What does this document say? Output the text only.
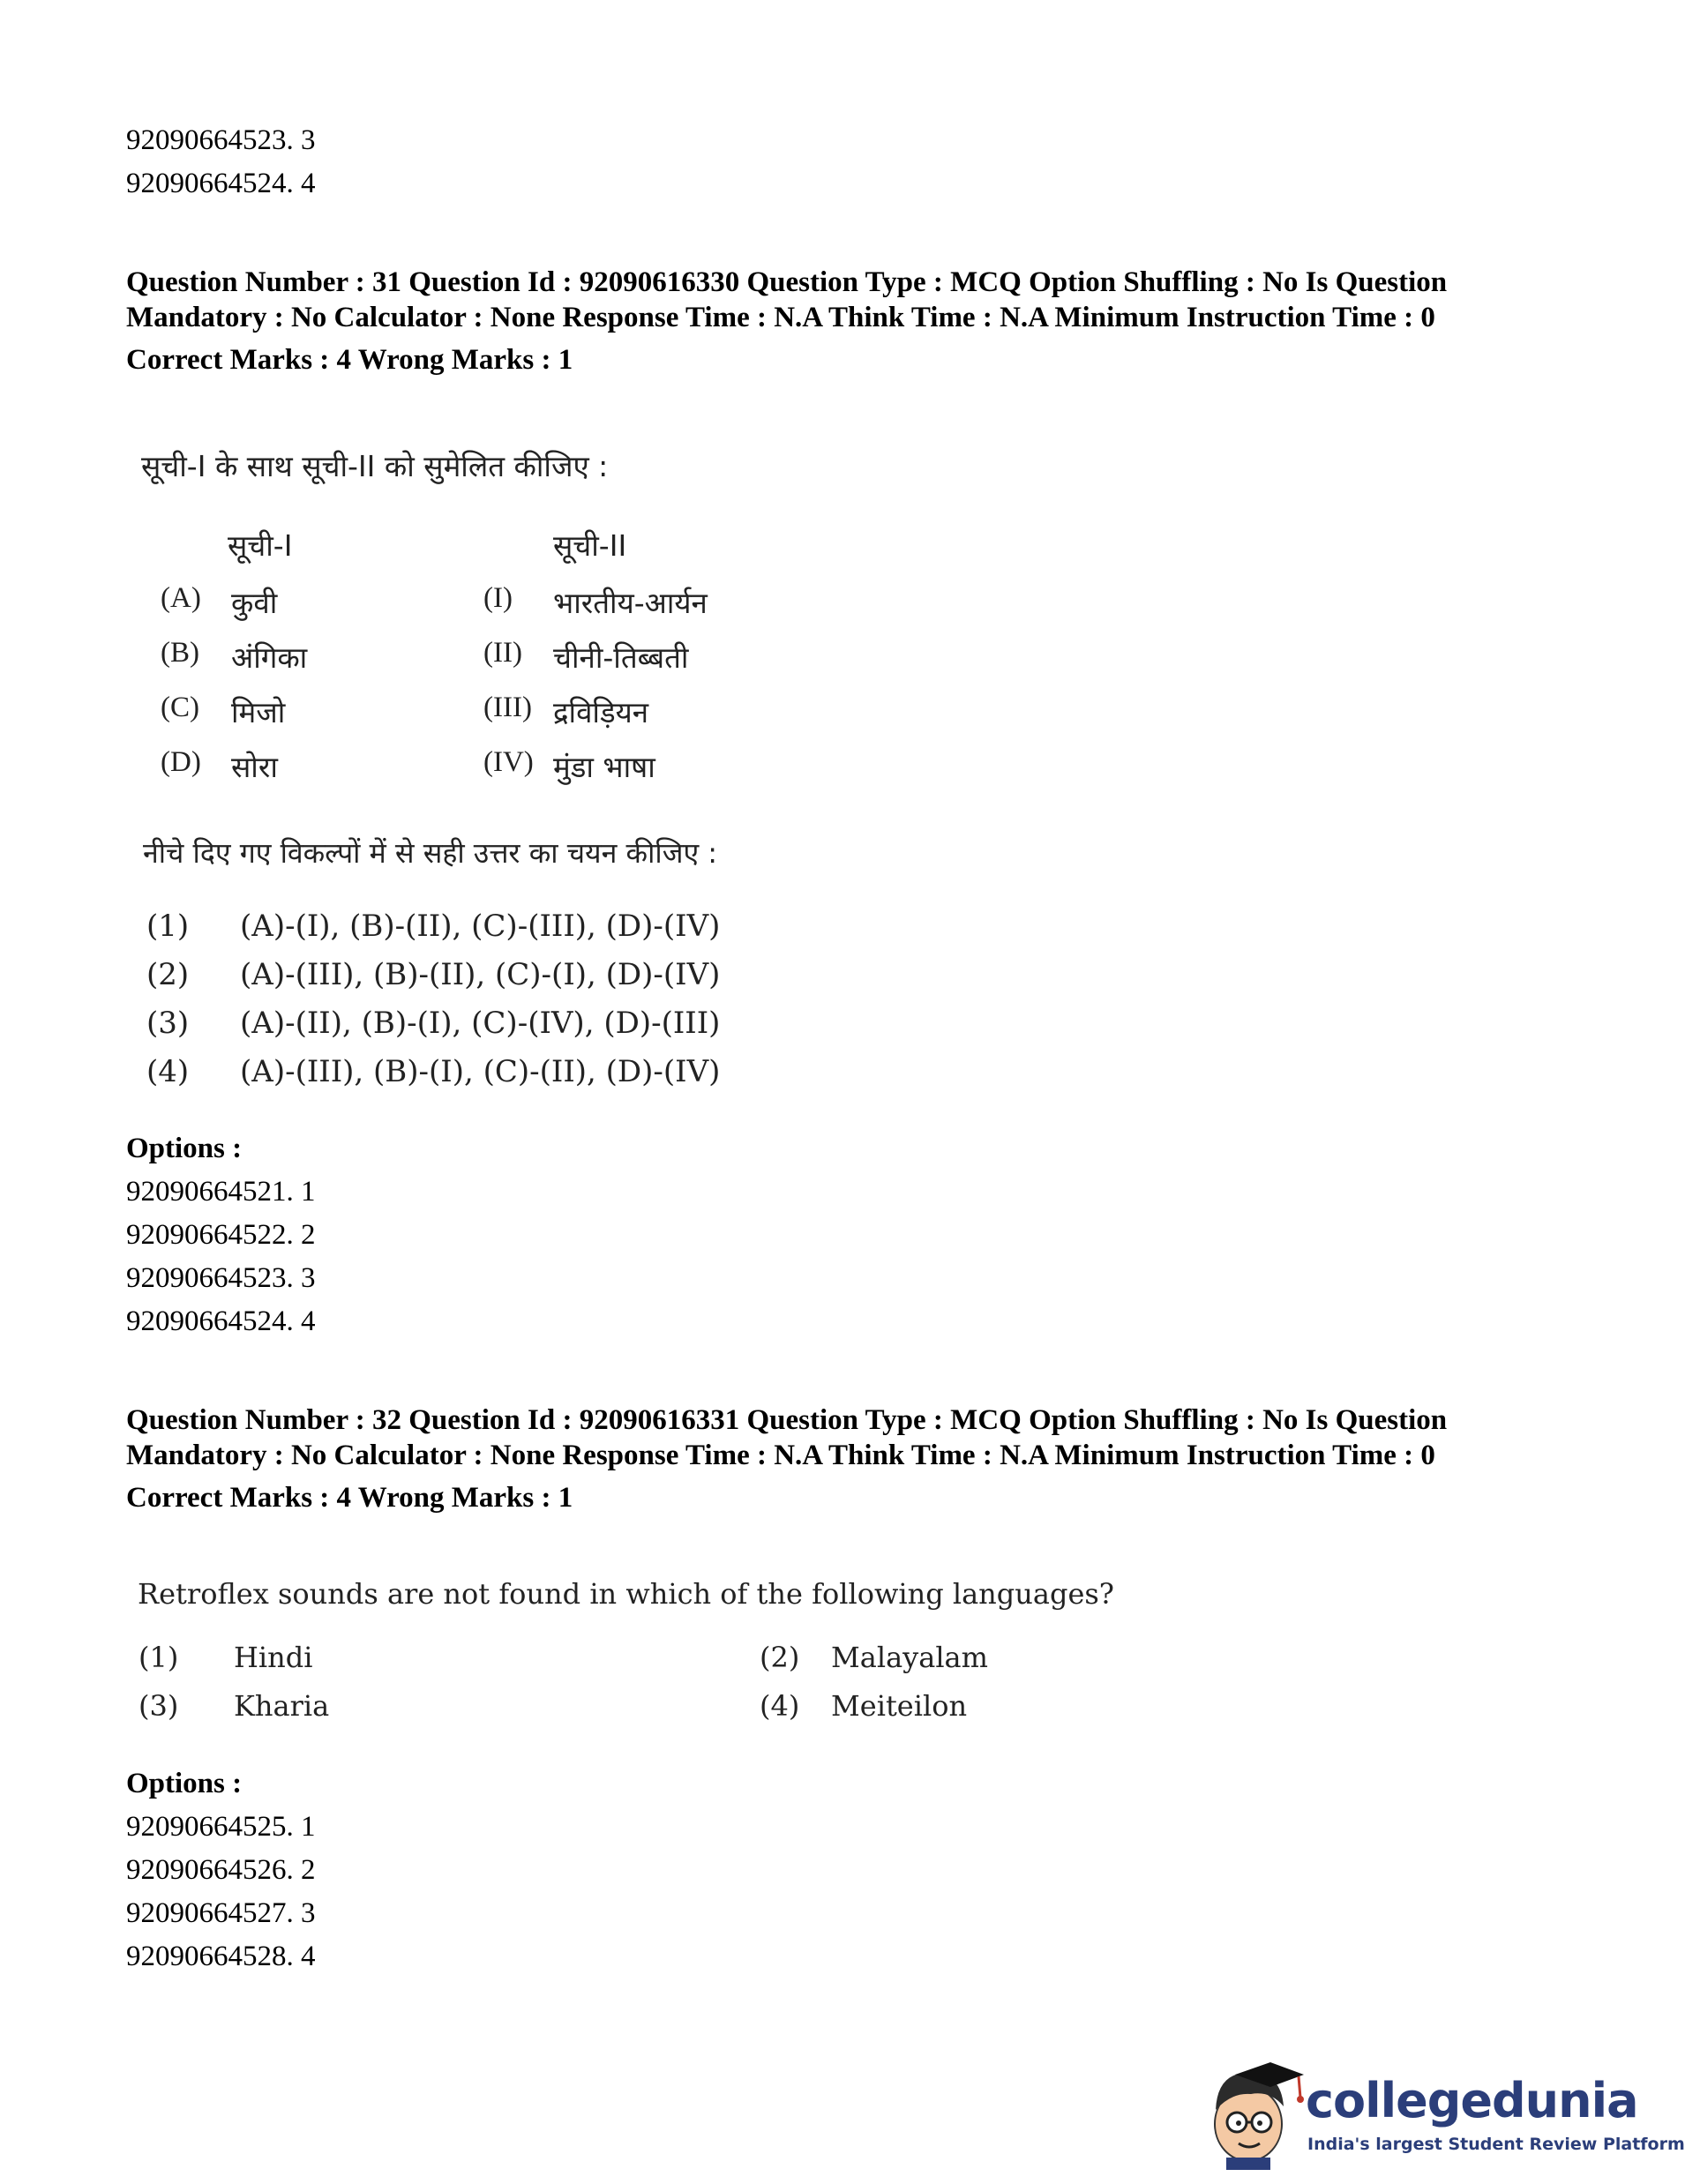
92090664523. 3
92090664524. 4
Question Number : 31 Question Id : 92090616330 Question Type : MCQ Option Shuffling : No Is Question Mandatory : No Calculator : None Response Time : N.A Think Time : N.A Minimum Instruction Time : 0
Correct Marks : 4 Wrong Marks : 1
सूची-I के साथ सूची-II को सुमेलित कीजिए :
सूची-I	सूची-II
(A) कुवी	(I) भारतीय-आर्यन
(B) अंगिका	(II) चीनी-तिब्बती
(C) मिजो	(III) द्रविड़ियन
(D) सोरा	(IV) मुंडा भाषा
नीचे दिए गए विकल्पों में से सही उत्तर का चयन कीजिए :
(1) (A)-(I), (B)-(II), (C)-(III), (D)-(IV)
(2) (A)-(III), (B)-(II), (C)-(I), (D)-(IV)
(3) (A)-(II), (B)-(I), (C)-(IV), (D)-(III)
(4) (A)-(III), (B)-(I), (C)-(II), (D)-(IV)
Options :
92090664521. 1
92090664522. 2
92090664523. 3
92090664524. 4
Question Number : 32 Question Id : 92090616331 Question Type : MCQ Option Shuffling : No Is Question Mandatory : No Calculator : None Response Time : N.A Think Time : N.A Minimum Instruction Time : 0
Correct Marks : 4 Wrong Marks : 1
Retroflex sounds are not found in which of the following languages?
(1) Hindi	(2) Malayalam
(3) Kharia	(4) Meiteilon
Options :
92090664525. 1
92090664526. 2
92090664527. 3
92090664528. 4
collegedunia
India's largest Student Review Platform
